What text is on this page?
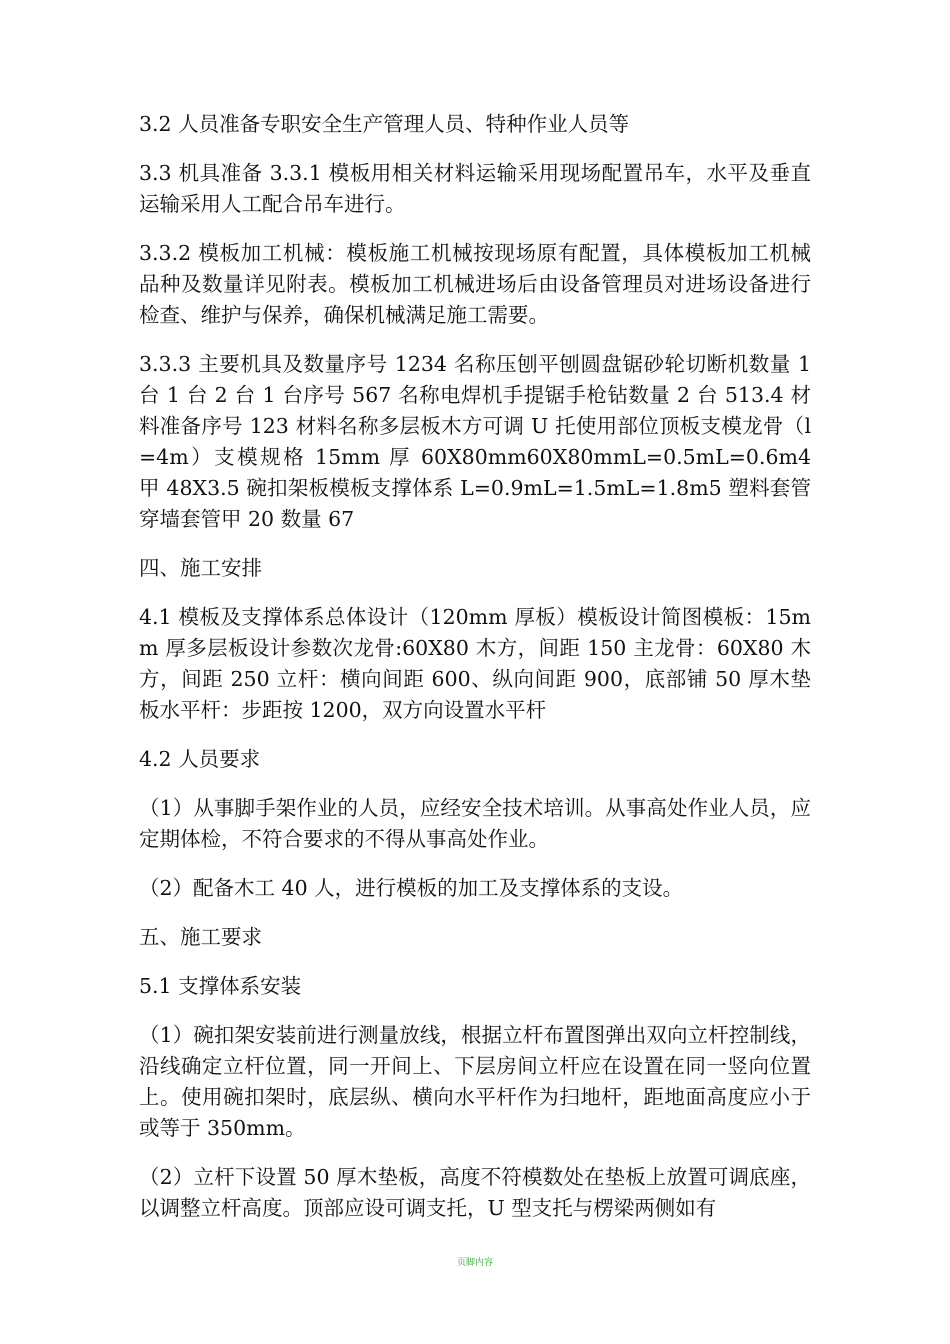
3.2 人员准备专职安全生产管理人员、特种作业人员等

3.3 机具准备 3.3.1 模板用相关材料运输采用现场配置吊车，水平及垂直运输采用人工配合吊车进行。

3.3.2 模板加工机械：模板施工机械按现场原有配置，具体模板加工机械品种及数量详见附表。模板加工机械进场后由设备管理员对进场设备进行检查、维护与保养，确保机械满足施工需要。

3.3.3 主要机具及数量序号 1234 名称压刨平刨圆盘锯砂轮切断机数量 1 台 1 台 2 台 1 台序号 567 名称电焊机手提锯手枪钻数量 2 台 513.4 材料准备序号 123 材料名称多层板木方可调 U 托使用部位顶板支模龙骨（l=4m）支模规格 15mm 厚 60X80mm60X80mmL=0.5mL=0.6m4 甲 48X3.5 碗扣架板模板支撑体系 L=0.9mL=1.5mL=1.8m5 塑料套管穿墙套管甲 20 数量 67

四、施工安排

4.1 模板及支撑体系总体设计（120mm 厚板）模板设计简图模板：15mm 厚多层板设计参数次龙骨:60X80 木方，间距 150 主龙骨：60X80 木方，间距 250 立杆：横向间距 600、纵向间距 900，底部铺 50 厚木垫板水平杆：步距按 1200，双方向设置水平杆

4.2 人员要求

（1）从事脚手架作业的人员，应经安全技术培训。从事高处作业人员，应定期体检，不符合要求的不得从事高处作业。

（2）配备木工 40 人，进行模板的加工及支撑体系的支设。

五、施工要求

5.1 支撑体系安装

（1）碗扣架安装前进行测量放线，根据立杆布置图弹出双向立杆控制线，沿线确定立杆位置，同一开间上、下层房间立杆应在设置在同一竖向位置上。使用碗扣架时，底层纵、横向水平杆作为扫地杆，距地面高度应小于或等于 350mm。

（2）立杆下设置 50 厚木垫板，高度不符模数处在垫板上放置可调底座，以调整立杆高度。顶部应设可调支托，U 型支托与楞梁两侧如有

页脚内容
